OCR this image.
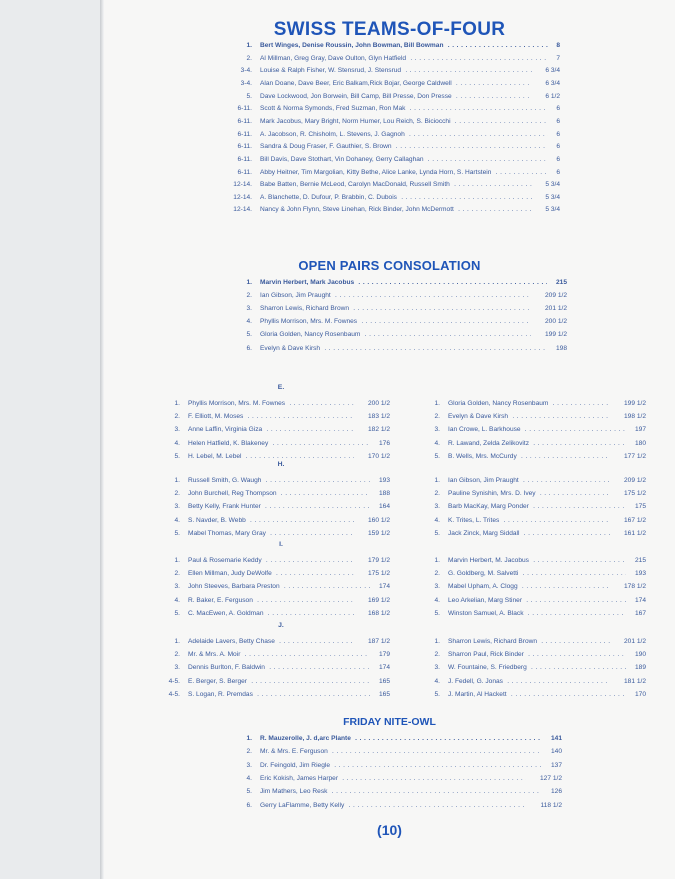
SWISS TEAMS-OF-FOUR
1. Bert Winges, Denise Roussin, John Bowman, Bill Bowman . . .	8
2. Al Millman, Greg Gray, Dave Oulton, Glyn Hatfield . . .	7
3-4. Louise & Ralph Fisher, W. Stensrud, J. Stensrud . . .	6 3/4
3-4. Alan Doane, Dave Beer, Eric Balkam,Rick Bojar, George Caldwell . . .	6 3/4
5. Dave Lockwood, Jon Borwein, Bill Camp, Bill Presse, Don Presse . . .	6 1/2
6-11. Scott & Norma Symonds, Fred Suzman, Ron Mak . . .	6
6-11. Mark Jacobus, Mary Bright, Norm Humer, Lou Reich, S. Biciocchi . . .	6
6-11. A. Jacobson, R. Chisholm, L. Stevens, J. Gagnoh . . .	6
6-11. Sandra & Doug Fraser, F. Gauthier, S. Brown . . .	6
6-11. Bill Davis, Dave Stothart, Vin Dohaney, Gerry Callaghan . . .	6
6-11. Abby Heitner, Tim Margolian, Kitty Bethe, Alice Lanke, Lynda Horn, S. Hartstein . . .	6
12-14. Babe Batten, Bernie McLeod, Carolyn MacDonald, Russell Smith . . .	5 3/4
12-14. A. Blanchette, D. Dufour, P. Brabbin, C. Dubois . . .	5 3/4
12-14. Nancy & John Flynn, Steve Linehan, Rick Binder, John McDermott . . .	5 3/4
OPEN PAIRS CONSOLATION
1. Marvin Herbert, Mark Jacobus . . .	215
2. Ian Gibson, Jim Praught . . .	209 1/2
3. Sharron Lewis, Richard Brown . . .	201 1/2
4. Phyllis Morrison, Mrs. M. Fownes . . .	200 1/2
5. Gloria Golden, Nancy Rosenbaum . . .	199 1/2
6. Evelyn & Dave Kirsh . . .	198
E.
1. Phyllis Morrison, Mrs. M. Fownes . . .	200 1/2
2. F. Elliott, M. Moses . . .	183 1/2
3. Anne Laffin, Virginia Giza . . .	182 1/2
4. Helen Hatfield, K. Blakeney . . .	176
5. H. Lebel, M. Lebel . . .	170 1/2
1. Gloria Golden, Nancy Rosenbaum . . .	199 1/2
2. Evelyn & Dave Kirsh . . .	198 1/2
3. Ian Crowe, L. Barkhouse . . .	197
4. R. Lawand, Zelda Zelikovitz . . .	180
5. B. Wells, Mrs. McCurdy . . .	177 1/2
H.
1. Russell Smith, G. Waugh . . .	193
2. John Burchell, Reg Thompson . . .	188
3. Betty Kelly, Frank Hunter . . .	164
4. S. Navder, B. Webb . . .	160 1/2
5. Mabel Thomas, Mary Gray . . .	159 1/2
1. Ian Gibson, Jim Praught . . .	209 1/2
2. Pauline Synishin, Mrs. D. Ivey . . .	175 1/2
3. Barb MacKay, Marg Ponder . . .	175
4. K. Trites, L. Trites . . .	167 1/2
5. Jack Zinck, Marg Siddall . . .	161 1/2
I.
1. Paul & Rosemarie Keddy . . .	179 1/2
2. Ellen Millman, Judy DeWolfe . . .	175 1/2
3. John Steeves, Barbara Preston . . .	174
4. R. Baker, E. Ferguson . . .	169 1/2
5. C. MacEwen, A. Goldman . . .	168 1/2
1. Marvin Herbert, M. Jacobus . . .	215
2. G. Goldberg, M. Salvetti . . .	193
3. Mabel Upham, A. Clogg . . .	178 1/2
4. Leo Arkelian, Marg Stiner . . .	174
5. Winston Samuel, A. Black . . .	167
J.
1. Adelaide Lavers, Betty Chase . . .	187 1/2
2. Mr. & Mrs. A. Moir . . .	179
3. Dennis Burlton, F. Baldwin . . .	174
4-5. E. Berger, S. Berger . . .	165
4-5. S. Logan, R. Premdas . . .	165
1. Sharron Lewis, Richard Brown . . .	201 1/2
2. Sharron Paul, Rick Binder . . .	190
3. W. Fountaine, S. Friedberg . . .	189
4. J. Fedell, G. Jonas . . .	181 1/2
5. J. Martin, Al Hackett . . .	170
FRIDAY NITE-OWL
1. R. Mauzerolle, J. d,arc Plante . . .	141
2. Mr. & Mrs. E. Ferguson . . .	140
3. Dr. Feingold, Jim Riegle . . .	137
4. Eric Kokish, James Harper . . .	127 1/2
5. Jim Mathers, Leo Resk . . .	126
6. Gerry LaFlamme, Betty Kelly . . .	118 1/2
(10)
